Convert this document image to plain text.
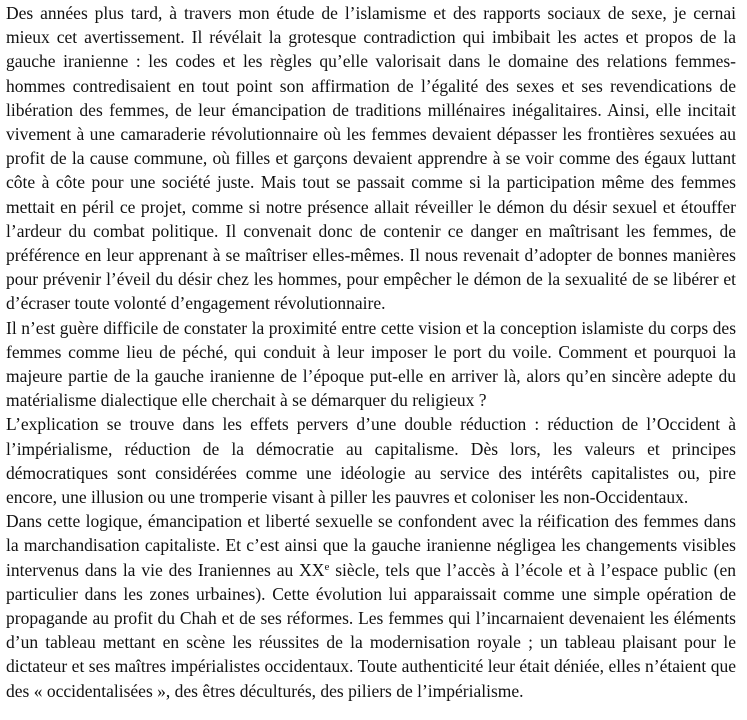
Des années plus tard, à travers mon étude de l’islamisme et des rapports sociaux de sexe, je cernai mieux cet avertissement. Il révélait la grotesque contradiction qui imbibait les actes et propos de la gauche iranienne : les codes et les règles qu’elle valorisait dans le domaine des relations femmes-hommes contredisaient en tout point son affirmation de l’égalité des sexes et ses revendications de libération des femmes, de leur émancipation de traditions millénaires inégalitaires. Ainsi, elle incitait vivement à une camaraderie révolutionnaire où les femmes devaient dépasser les frontières sexuées au profit de la cause commune, où filles et garçons devaient apprendre à se voir comme des égaux luttant côte à côte pour une société juste. Mais tout se passait comme si la participation même des femmes mettait en péril ce projet, comme si notre présence allait réveiller le démon du désir sexuel et étouffer l’ardeur du combat politique. Il convenait donc de contenir ce danger en maîtrisant les femmes, de préférence en leur apprenant à se maîtriser elles-mêmes. Il nous revenait d’adopter de bonnes manières pour prévenir l’éveil du désir chez les hommes, pour empêcher le démon de la sexualité de se libérer et d’écraser toute volonté d’engagement révolutionnaire.

Il n’est guère difficile de constater la proximité entre cette vision et la conception islamiste du corps des femmes comme lieu de péché, qui conduit à leur imposer le port du voile. Comment et pourquoi la majeure partie de la gauche iranienne de l’époque put-elle en arriver là, alors qu’en sincère adepte du matérialisme dialectique elle cherchait à se démarquer du religieux ?

L’explication se trouve dans les effets pervers d’une double réduction : réduction de l’Occident à l’impérialisme, réduction de la démocratie au capitalisme. Dès lors, les valeurs et principes démocratiques sont considérées comme une idéologie au service des intérêts capitalistes ou, pire encore, une illusion ou une tromperie visant à piller les pauvres et coloniser les non-Occidentaux.

Dans cette logique, émancipation et liberté sexuelle se confondent avec la réification des femmes dans la marchandisation capitaliste. Et c’est ainsi que la gauche iranienne négligea les changements visibles intervenus dans la vie des Iraniennes au XXe siècle, tels que l’accès à l’école et à l’espace public (en particulier dans les zones urbaines). Cette évolution lui apparaissait comme une simple opération de propagande au profit du Chah et de ses réformes. Les femmes qui l’incarnaient devenaient les éléments d’un tableau mettant en scène les réussites de la modernisation royale ; un tableau plaisant pour le dictateur et ses maîtres impérialistes occidentaux. Toute authenticité leur était déniée, elles n’étaient que des « occidentalisées », des êtres déculturés, des piliers de l’impérialisme.
